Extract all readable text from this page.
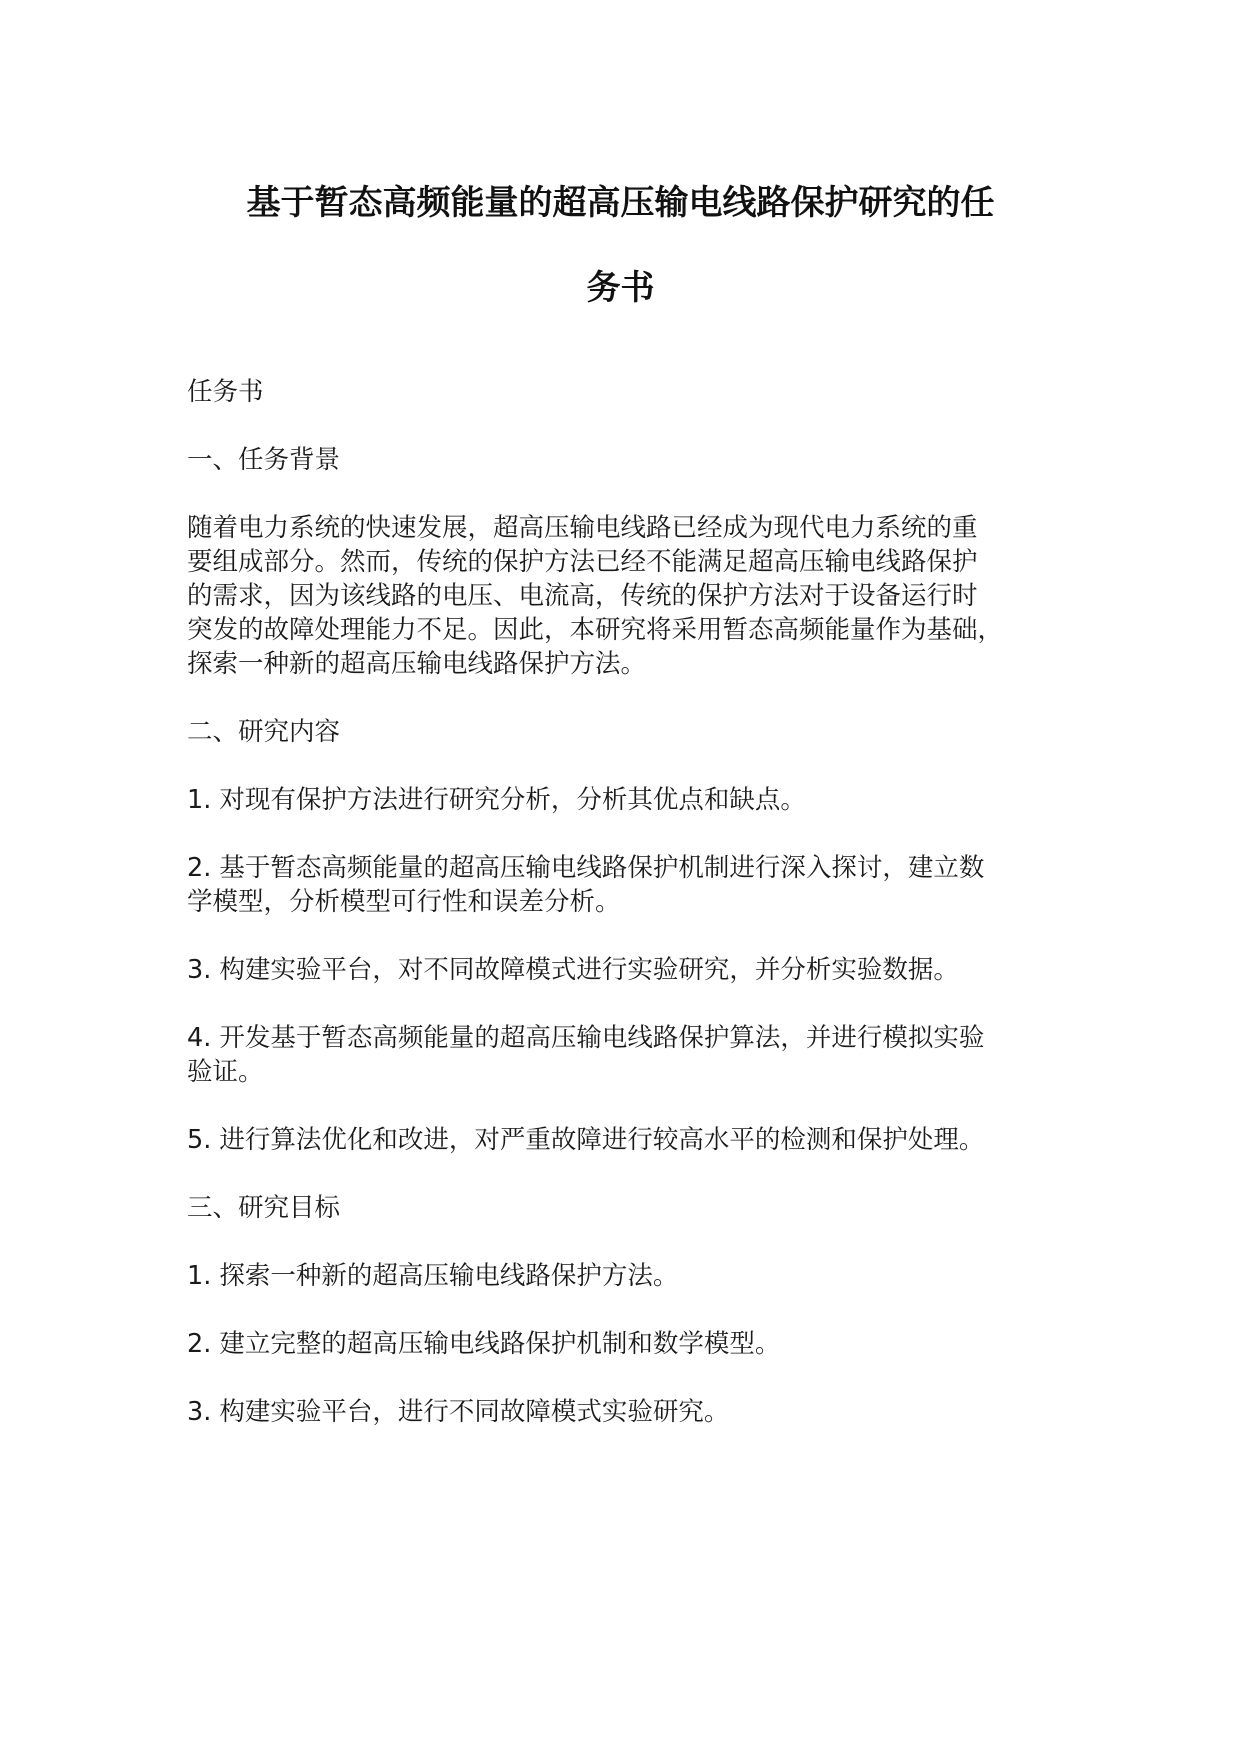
基于暂态高频能量的超高压输电线路保护研究的任
务书
任务书
一、任务背景
随着电力系统的快速发展，超高压输电线路已经成为现代电力系统的重
要组成部分。然而，传统的保护方法已经不能满足超高压输电线路保护
的需求，因为该线路的电压、电流高，传统的保护方法对于设备运行时
突发的故障处理能力不足。因此，本研究将采用暂态高频能量作为基础，
探索一种新的超高压输电线路保护方法。
二、研究内容
1. 对现有保护方法进行研究分析，分析其优点和缺点。
2. 基于暂态高频能量的超高压输电线路保护机制进行深入探讨，建立数
学模型，分析模型可行性和误差分析。
3. 构建实验平台，对不同故障模式进行实验研究，并分析实验数据。
4. 开发基于暂态高频能量的超高压输电线路保护算法，并进行模拟实验
验证。
5. 进行算法优化和改进，对严重故障进行较高水平的检测和保护处理。
三、研究目标
1. 探索一种新的超高压输电线路保护方法。
2. 建立完整的超高压输电线路保护机制和数学模型。
3. 构建实验平台，进行不同故障模式实验研究。
